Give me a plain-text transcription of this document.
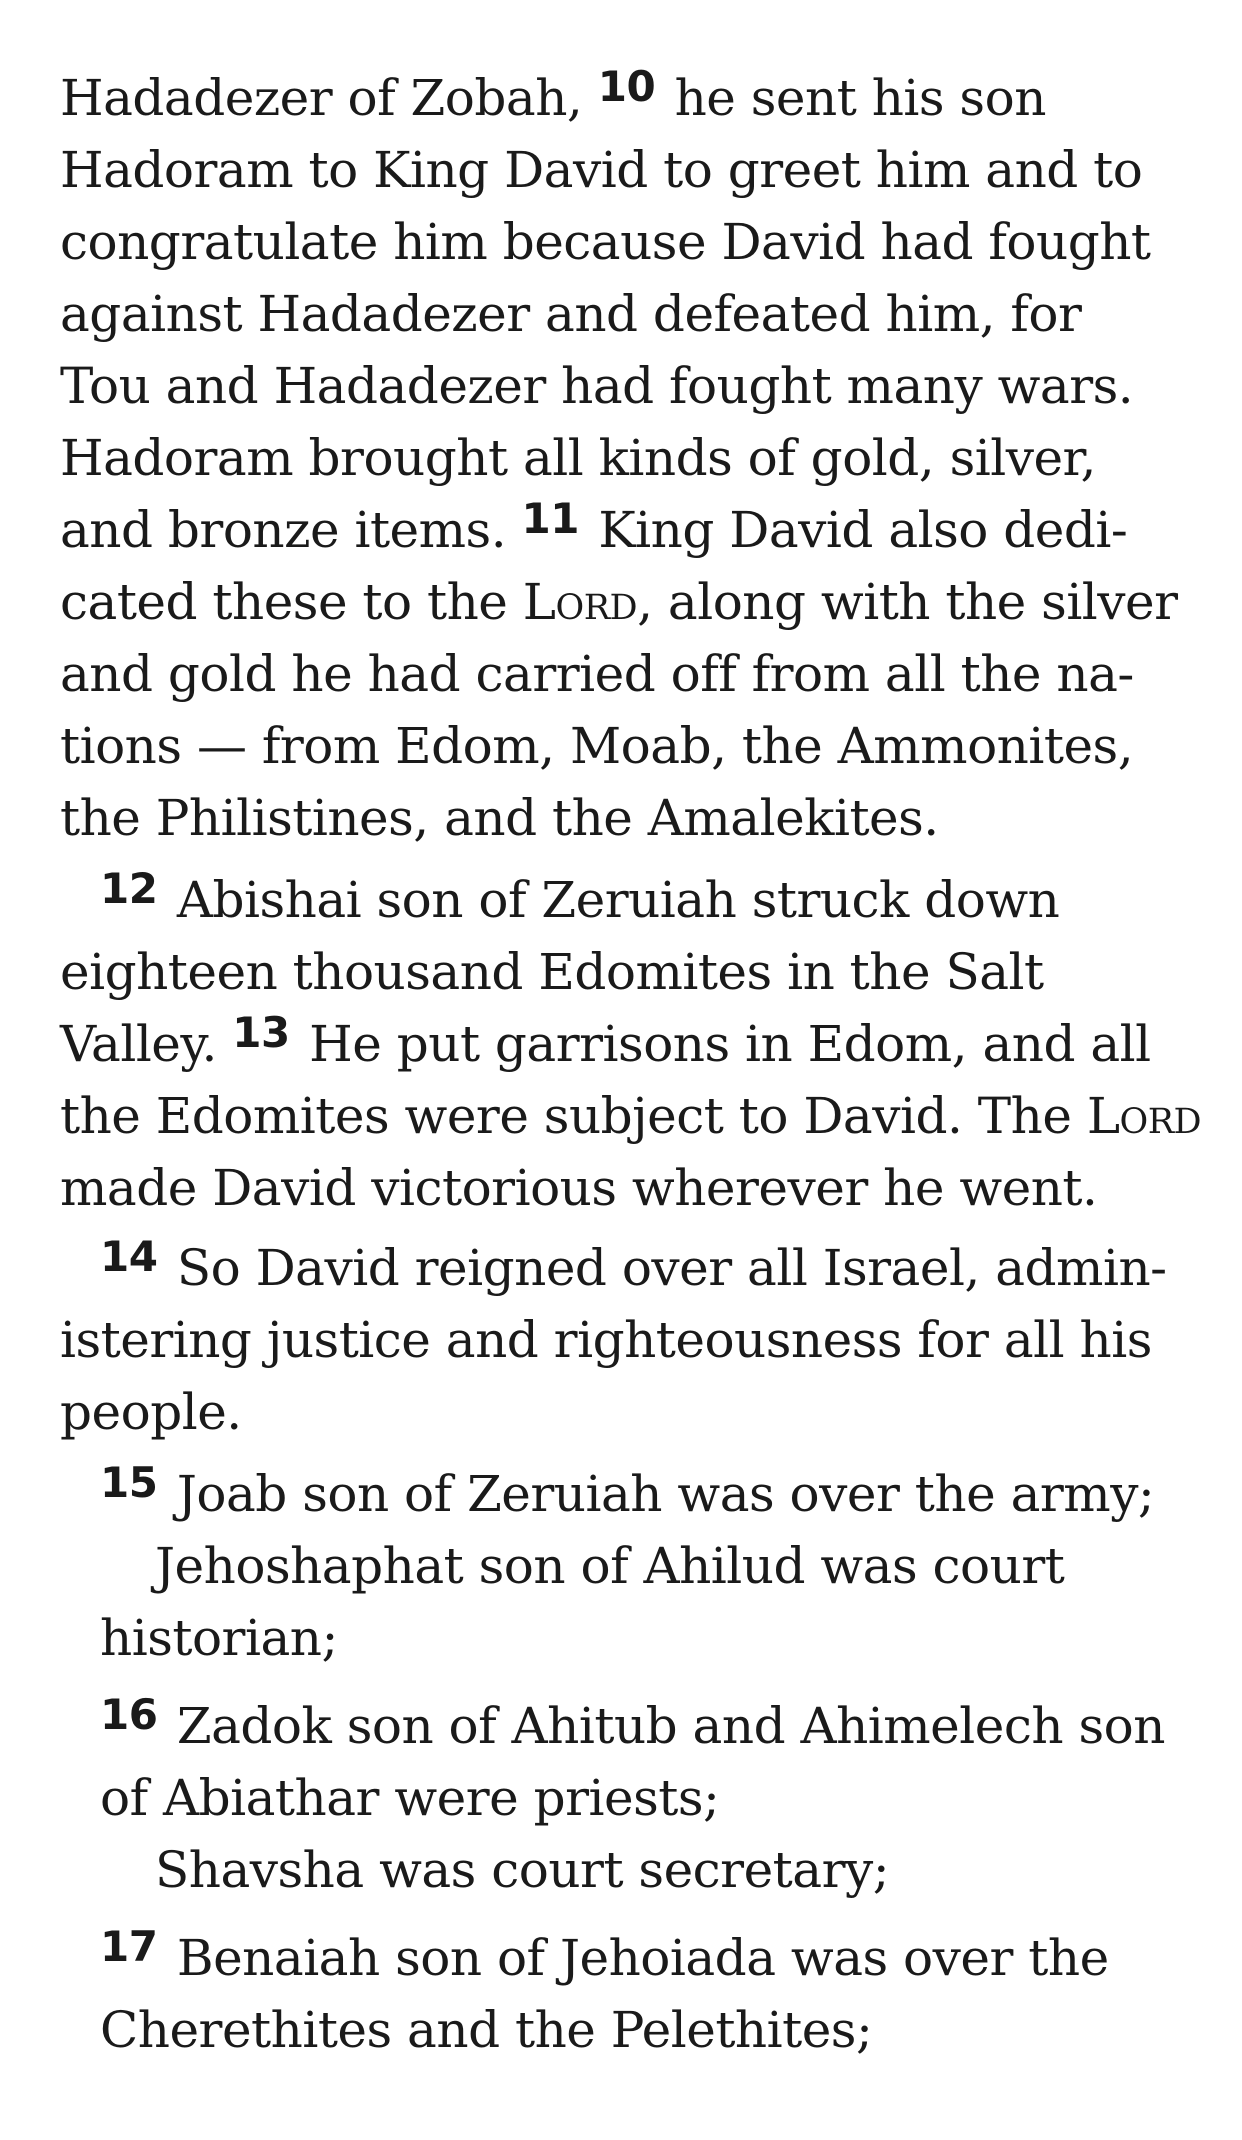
Hadadezer of Zobah, $^{10}$ he sent his son
Hadoram to King David to greet him and to
congratulate him because David had fought
against Hadadezer and defeated him, for
Tou and Hadadezer had fought many wars.
Hadoram brought all kinds of gold, silver,
and bronze items. $^{11}$ King David also dedi-
cated these to the Lord, along with the silver
and gold he had carried off from all the na-
tions — from Edom, Moab, the Ammonites,
the Philistines, and the Amalekites.
$^{12}$ Abishai son of Zeruiah struck down
eighteen thousand Edomites in the Salt
Valley. $^{13}$ He put garrisons in Edom, and all
the Edomites were subject to David. The Lord
made David victorious wherever he went.
$^{14}$ So David reigned over all Israel, admin-
istering justice and righteousness for all his
people.
$^{15}$ Joab son of Zeruiah was over the army;
Jehoshaphat son of Ahilud was court
historian;
$^{16}$ Zadok son of Ahitub and Ahimelech son
of Abiathar were priests;
Shavsha was court secretary;
$^{17}$ Benaiah son of Jehoiada was over the
Cherethites and the Pelethites;
